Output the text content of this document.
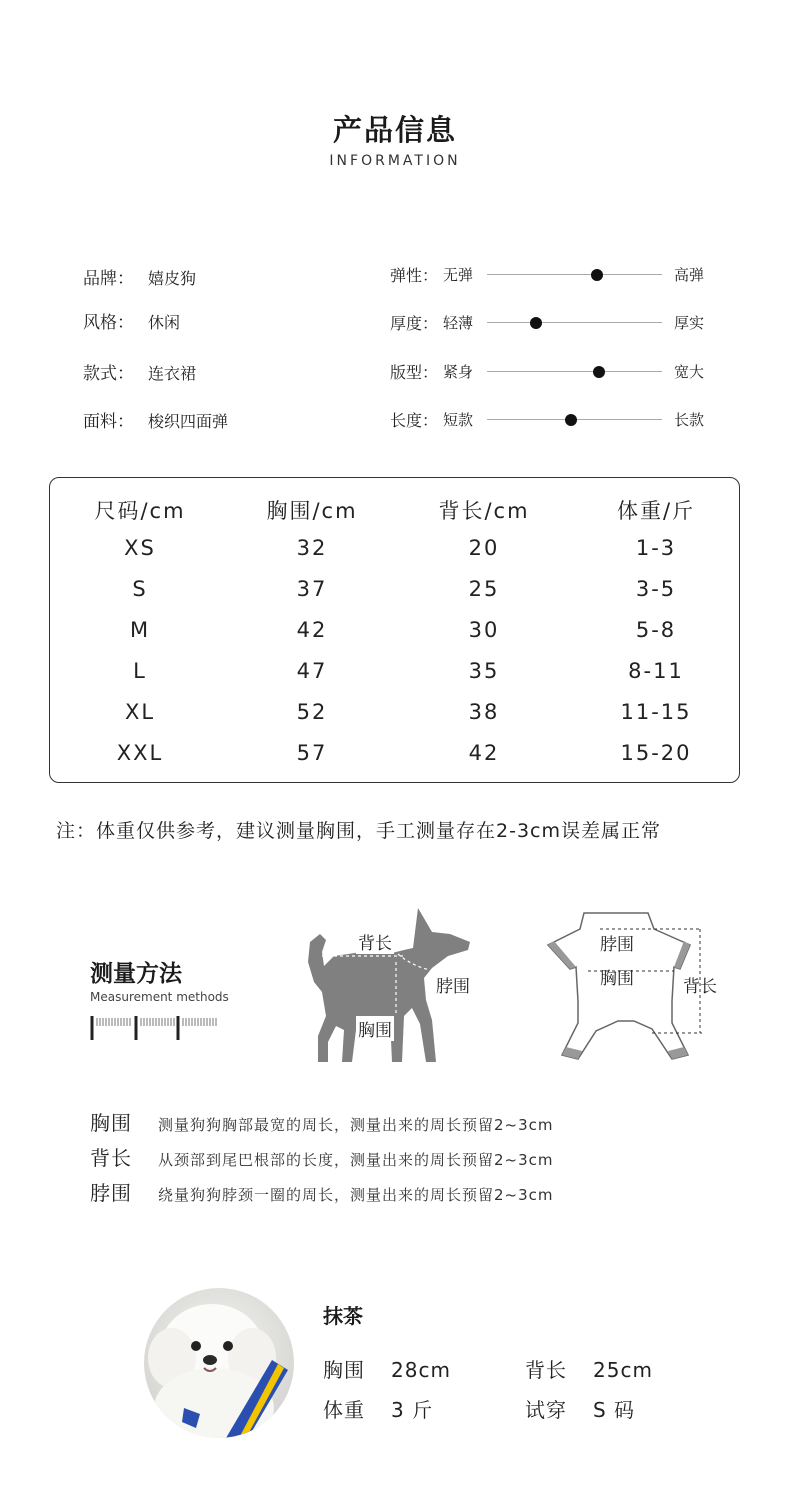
产品信息
INFORMATION
品牌： 嬉皮狗
风格： 休闲
款式： 连衣裙
面料： 梭织四面弹
弹性： 无弹	高弹
厚度： 轻薄	厚实
版型： 紧身	宽大
长度： 短款	长款
尺码/cm	胸围/cm	背长/cm	体重/斤
XS	32	20	1-3
S	37	25	3-5
M	42	30	5-8
L	47	35	8-11
XL	52	38	11-15
XXL	57	42	15-20
注：体重仅供参考，建议测量胸围，手工测量存在2-3cm误差属正常
测量方法
Measurement methods
背长
脖围
胸围
脖围
胸围	背长
胸围 测量狗狗胸部最宽的周长，测量出来的周长预留2~3cm
背长 从颈部到尾巴根部的长度，测量出来的周长预留2~3cm
脖围 绕量狗狗脖颈一圈的周长，测量出来的周长预留2~3cm
抹茶
胸围 28cm	背长 25cm
体重 3 斤	试穿 S 码
